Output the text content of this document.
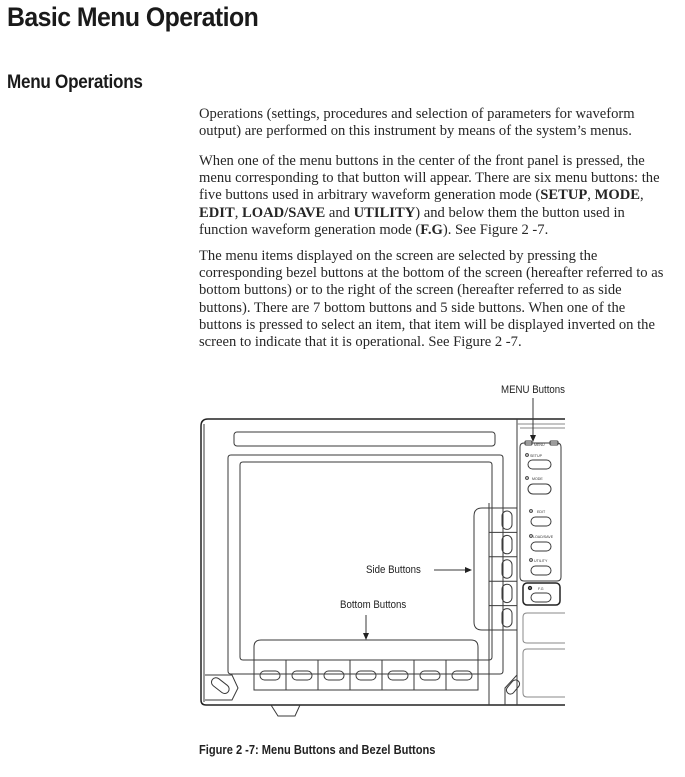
Basic Menu Operation
Menu Operations
Operations (settings, procedures and selection of parameters for waveform output) are performed on this instrument by means of the system’s menus.
When one of the menu buttons in the center of the front panel is pressed, the menu corresponding to that button will appear. There are six menu buttons: the five buttons used in arbitrary waveform generation mode (SETUP, MODE, EDIT, LOAD/SAVE and UTILITY) and below them the button used in function waveform generation mode (F.G). See Figure 2 -7.
The menu items displayed on the screen are selected by pressing the corresponding bezel buttons at the bottom of the screen (hereafter referred to as bottom buttons) or to the right of the screen (hereafter referred to as side buttons). There are 7 bottom buttons and 5 side buttons. When one of the buttons is pressed to select an item, that item will be displayed inverted on the screen to indicate that it is operational. See Figure 2 -7.
MENU
SETUP
MODE
EDIT
LOAD/SAVE
UTILITY
F.G
MENU Buttons
Side Buttons
Bottom Buttons
Figure 2 -7: Menu Buttons and Bezel Buttons
